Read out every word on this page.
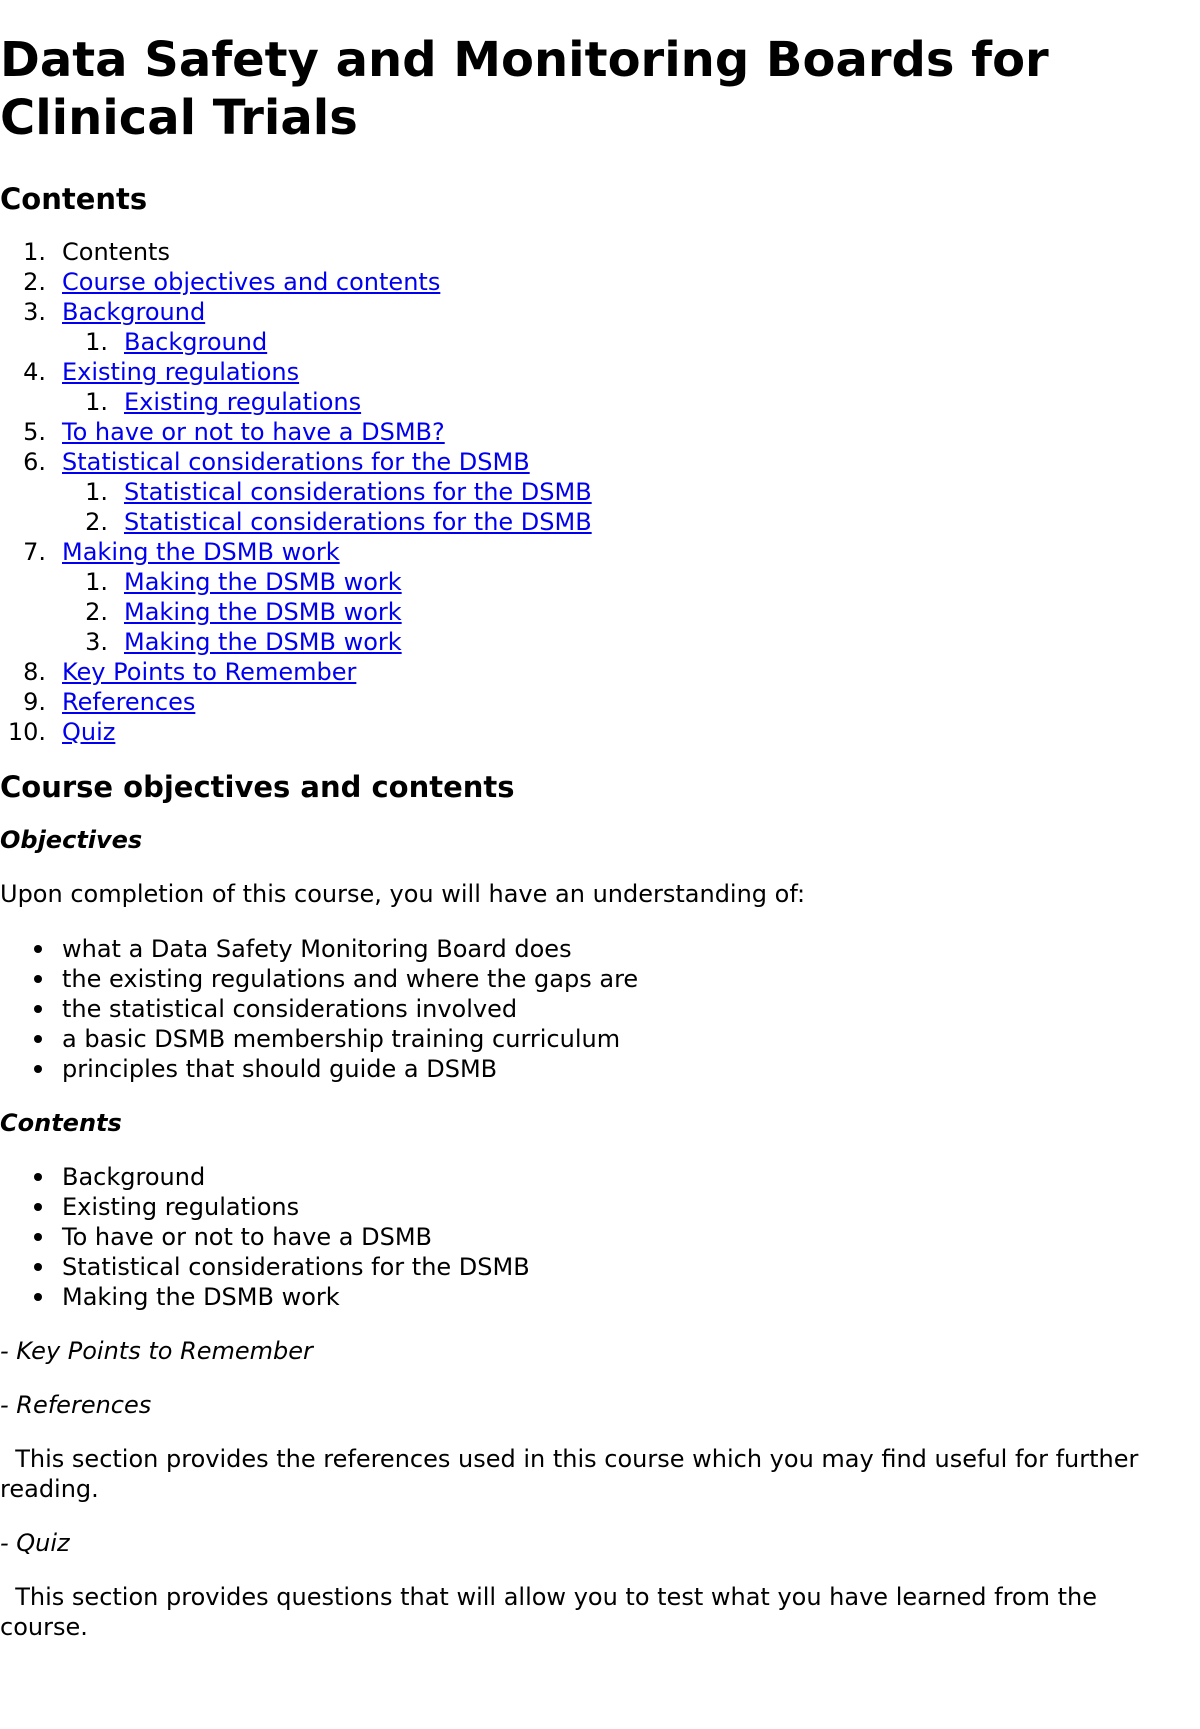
Data Safety and Monitoring Boards for Clinical Trials
Contents
1. Contents
2. Course objectives and contents
3. Background
1. Background
4. Existing regulations
1. Existing regulations
5. To have or not to have a DSMB?
6. Statistical considerations for the DSMB
1. Statistical considerations for the DSMB
2. Statistical considerations for the DSMB
7. Making the DSMB work
1. Making the DSMB work
2. Making the DSMB work
3. Making the DSMB work
8. Key Points to Remember
9. References
10. Quiz
Course objectives and contents
Objectives

Upon completion of this course, you will have an understanding of:

what a Data Safety Monitoring Board does
the existing regulations and where the gaps are
the statistical considerations involved
a basic DSMB membership training curriculum
principles that should guide a DSMB
Contents
Background
Existing regulations
To have or not to have a DSMB
Statistical considerations for the DSMB
Making the DSMB work

- Key Points to Remember

- References

This section provides the references used in this course which you may find useful for further reading.

- Quiz

This section provides questions that will allow you to test what you have learned from the course.
